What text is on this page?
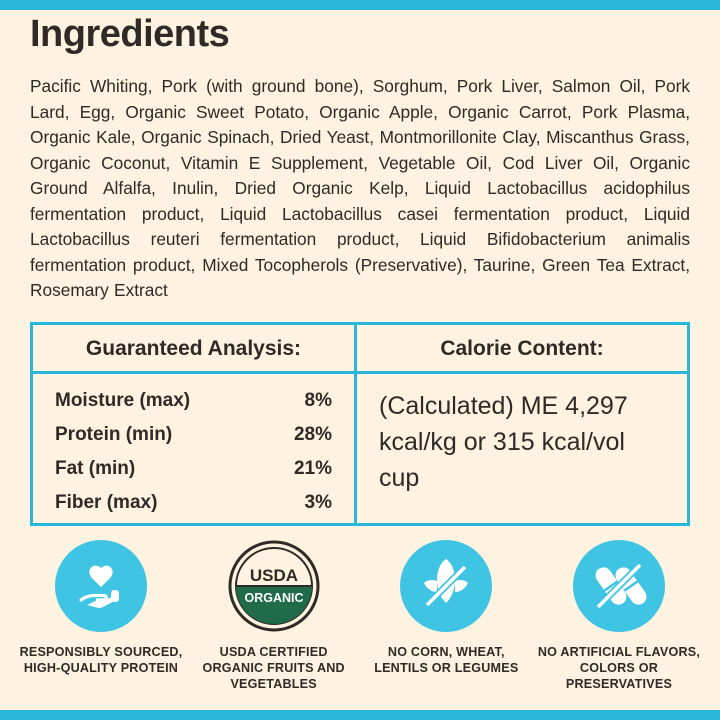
Ingredients
Pacific Whiting, Pork (with ground bone), Sorghum, Pork Liver, Salmon Oil, Pork Lard, Egg, Organic Sweet Potato, Organic Apple, Organic Carrot, Pork Plasma, Organic Kale, Organic Spinach, Dried Yeast, Montmorillonite Clay, Miscanthus Grass, Organic Coconut, Vitamin E Supplement, Vegetable Oil, Cod Liver Oil, Organic Ground Alfalfa, Inulin, Dried Organic Kelp, Liquid Lactobacillus acidophilus fermentation product, Liquid Lactobacillus casei fermentation product, Liquid Lactobacillus reuteri fermentation product, Liquid Bifidobacterium animalis fermentation product, Mixed Tocopherols (Preservative), Taurine, Green Tea Extract, Rosemary Extract
Guaranteed Analysis:
Moisture (max)	8%
Protein (min)	28%
Fat (min)	21%
Fiber (max)	3%
Calorie Content:
(Calculated) ME 4,297 kcal/kg or 315 kcal/vol cup
RESPONSIBLY SOURCED, HIGH-QUALITY PROTEIN
USDA
ORGANIC
USDA CERTIFIED ORGANIC FRUITS AND VEGETABLES
NO CORN, WHEAT, LENTILS OR LEGUMES
NO ARTIFICIAL FLAVORS, COLORS OR PRESERVATIVES
